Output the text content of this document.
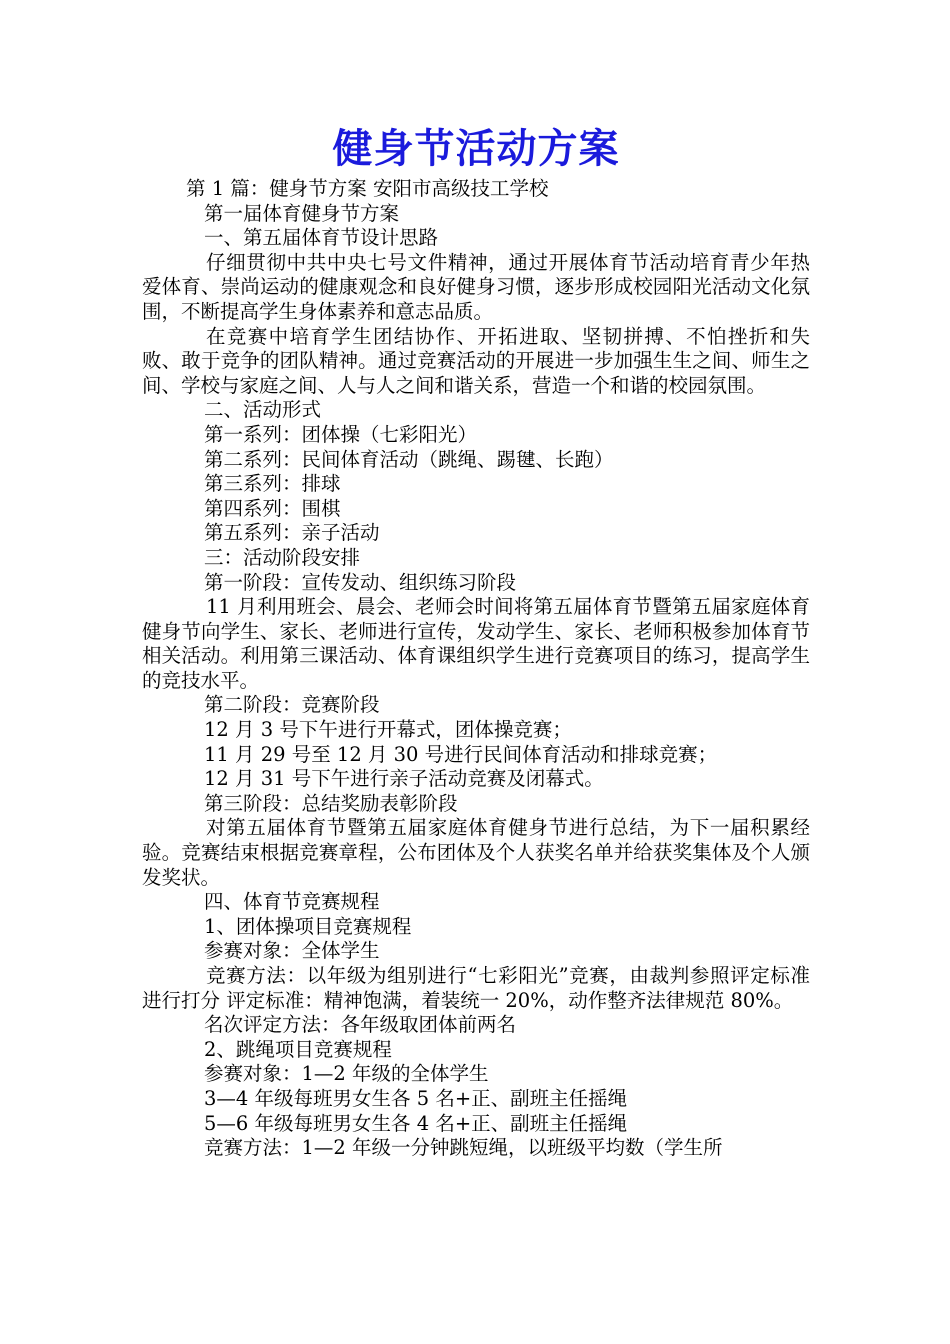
健身节活动方案

第 1 篇：健身节方案 安阳市高级技工学校

第一届体育健身节方案

一、第五届体育节设计思路

仔细贯彻中共中央七号文件精神，通过开展体育节活动培育青少年热爱体育、崇尚运动的健康观念和良好健身习惯，逐步形成校园阳光活动文化氛围，不断提高学生身体素养和意志品质。

在竞赛中培育学生团结协作、开拓进取、坚韧拼搏、不怕挫折和失败、敢于竞争的团队精神。通过竞赛活动的开展进一步加强生生之间、师生之间、学校与家庭之间、人与人之间和谐关系，营造一个和谐的校园氛围。

二、活动形式

第一系列：团体操（七彩阳光）

第二系列：民间体育活动（跳绳、踢毽、长跑）

第三系列：排球

第四系列：围棋

第五系列：亲子活动

三：活动阶段安排

第一阶段：宣传发动、组织练习阶段

11 月利用班会、晨会、老师会时间将第五届体育节暨第五届家庭体育健身节向学生、家长、老师进行宣传，发动学生、家长、老师积极参加体育节相关活动。利用第三课活动、体育课组织学生进行竞赛项目的练习，提高学生的竞技水平。

第二阶段：竞赛阶段

12 月 3 号下午进行开幕式，团体操竞赛；

11 月 29 号至 12 月 30 号进行民间体育活动和排球竞赛；

12 月 31 号下午进行亲子活动竞赛及闭幕式。

第三阶段：总结奖励表彰阶段

对第五届体育节暨第五届家庭体育健身节进行总结，为下一届积累经验。竞赛结束根据竞赛章程，公布团体及个人获奖名单并给获奖集体及个人颁发奖状。

四、体育节竞赛规程

1、团体操项目竞赛规程

参赛对象：全体学生

竞赛方法：以年级为组别进行“七彩阳光”竞赛，由裁判参照评定标准进行打分 评定标准：精神饱满，着装统一 20%，动作整齐法律规范 80%。

名次评定方法：各年级取团体前两名

2、跳绳项目竞赛规程

参赛对象：1—2 年级的全体学生

3—4 年级每班男女生各 5 名+正、副班主任摇绳

5—6 年级每班男女生各 4 名+正、副班主任摇绳

竞赛方法：1—2 年级一分钟跳短绳，以班级平均数（学生所
